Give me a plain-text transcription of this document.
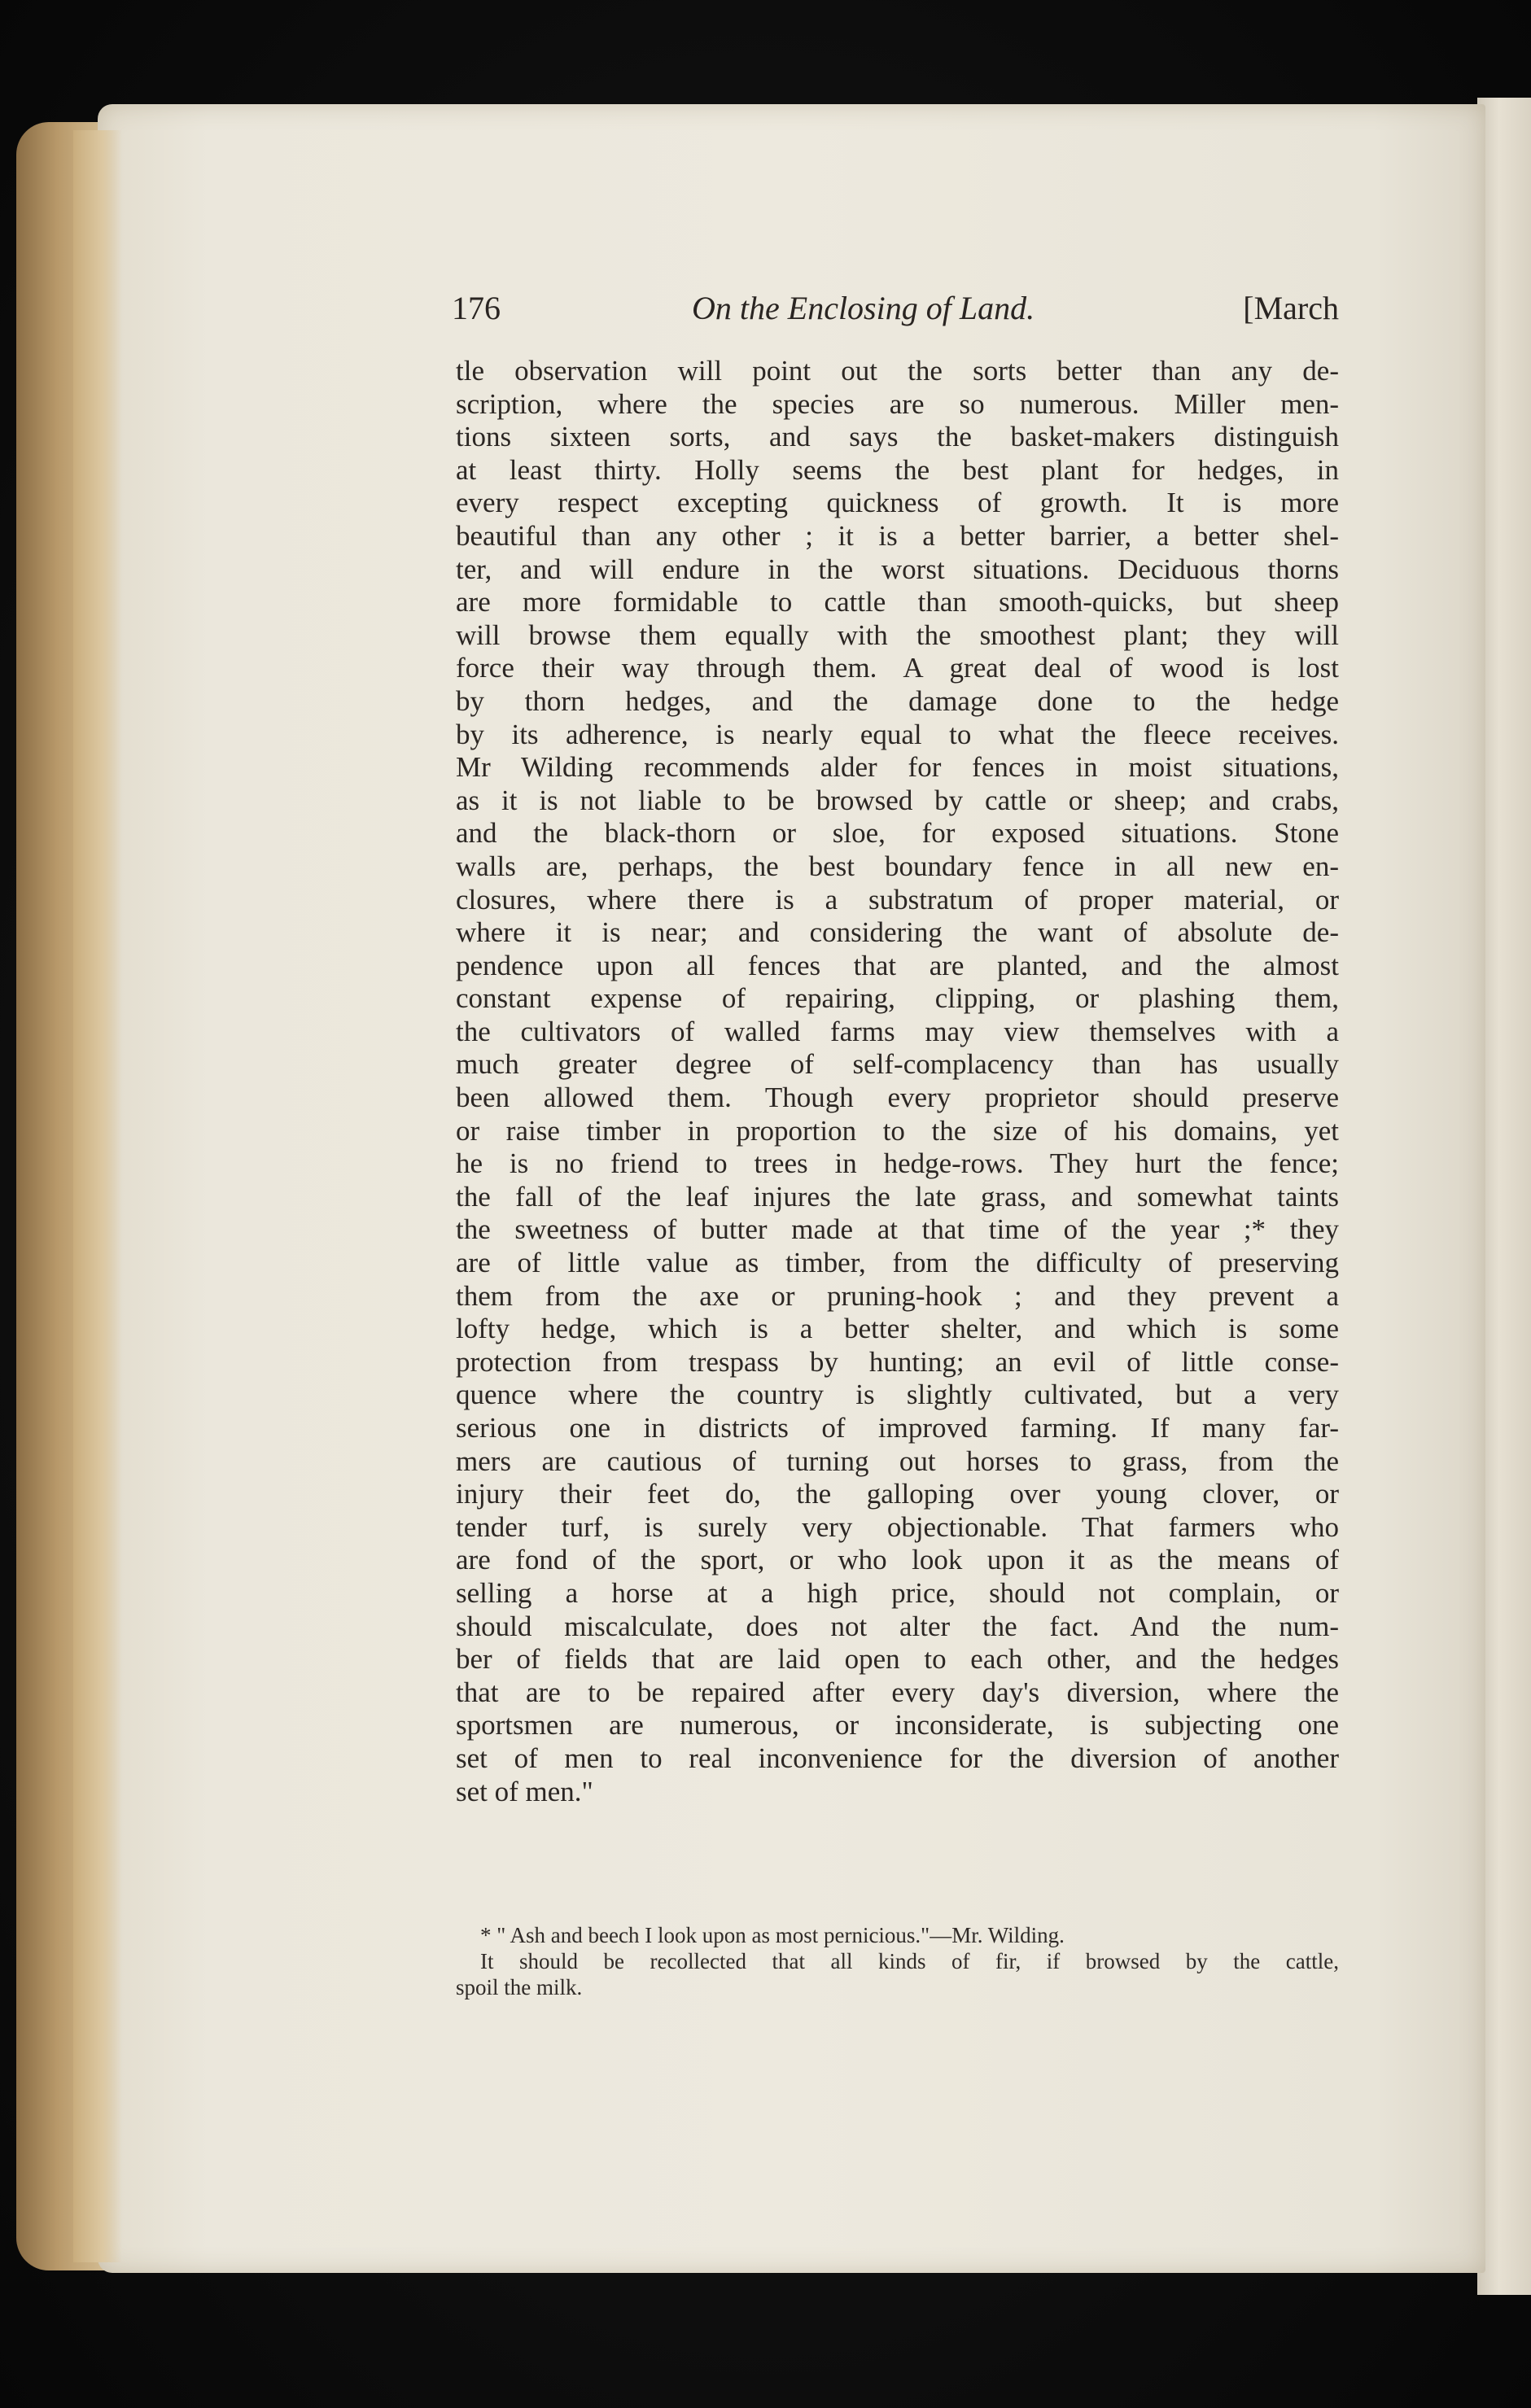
176	On the Enclosing of Land.	[March
tle observation will point out the sorts better than any de-
scription, where the species are so numerous. Miller men-
tions sixteen sorts, and says the basket-makers distinguish
at least thirty. Holly seems the best plant for hedges, in
every respect excepting quickness of growth. It is more
beautiful than any other ; it is a better barrier, a better shel-
ter, and will endure in the worst situations. Deciduous thorns
are more formidable to cattle than smooth-quicks, but sheep
will browse them equally with the smoothest plant; they will
force their way through them. A great deal of wood is lost
by thorn hedges, and the damage done to the hedge
by its adherence, is nearly equal to what the fleece receives.
Mr Wilding recommends alder for fences in moist situations,
as it is not liable to be browsed by cattle or sheep; and crabs,
and the black-thorn or sloe, for exposed situations. Stone
walls are, perhaps, the best boundary fence in all new en-
closures, where there is a substratum of proper material, or
where it is near; and considering the want of absolute de-
pendence upon all fences that are planted, and the almost
constant expense of repairing, clipping, or plashing them,
the cultivators of walled farms may view themselves with a
much greater degree of self-complacency than has usually
been allowed them. Though every proprietor should preserve
or raise timber in proportion to the size of his domains, yet
he is no friend to trees in hedge-rows. They hurt the fence;
the fall of the leaf injures the late grass, and somewhat taints
the sweetness of butter made at that time of the year ;* they
are of little value as timber, from the difficulty of preserving
them from the axe or pruning-hook ; and they prevent a
lofty hedge, which is a better shelter, and which is some
protection from trespass by hunting; an evil of little conse-
quence where the country is slightly cultivated, but a very
serious one in districts of improved farming. If many far-
mers are cautious of turning out horses to grass, from the
injury their feet do, the galloping over young clover, or
tender turf, is surely very objectionable. That farmers who
are fond of the sport, or who look upon it as the means of
selling a horse at a high price, should not complain, or
should miscalculate, does not alter the fact. And the num-
ber of fields that are laid open to each other, and the hedges
that are to be repaired after every day's diversion, where the
sportsmen are numerous, or inconsiderate, is subjecting one
set of men to real inconvenience for the diversion of another
set of men."
* " Ash and beech I look upon as most pernicious."—Mr. Wilding.
It should be recollected that all kinds of fir, if browsed by the cattle,
spoil the milk.
